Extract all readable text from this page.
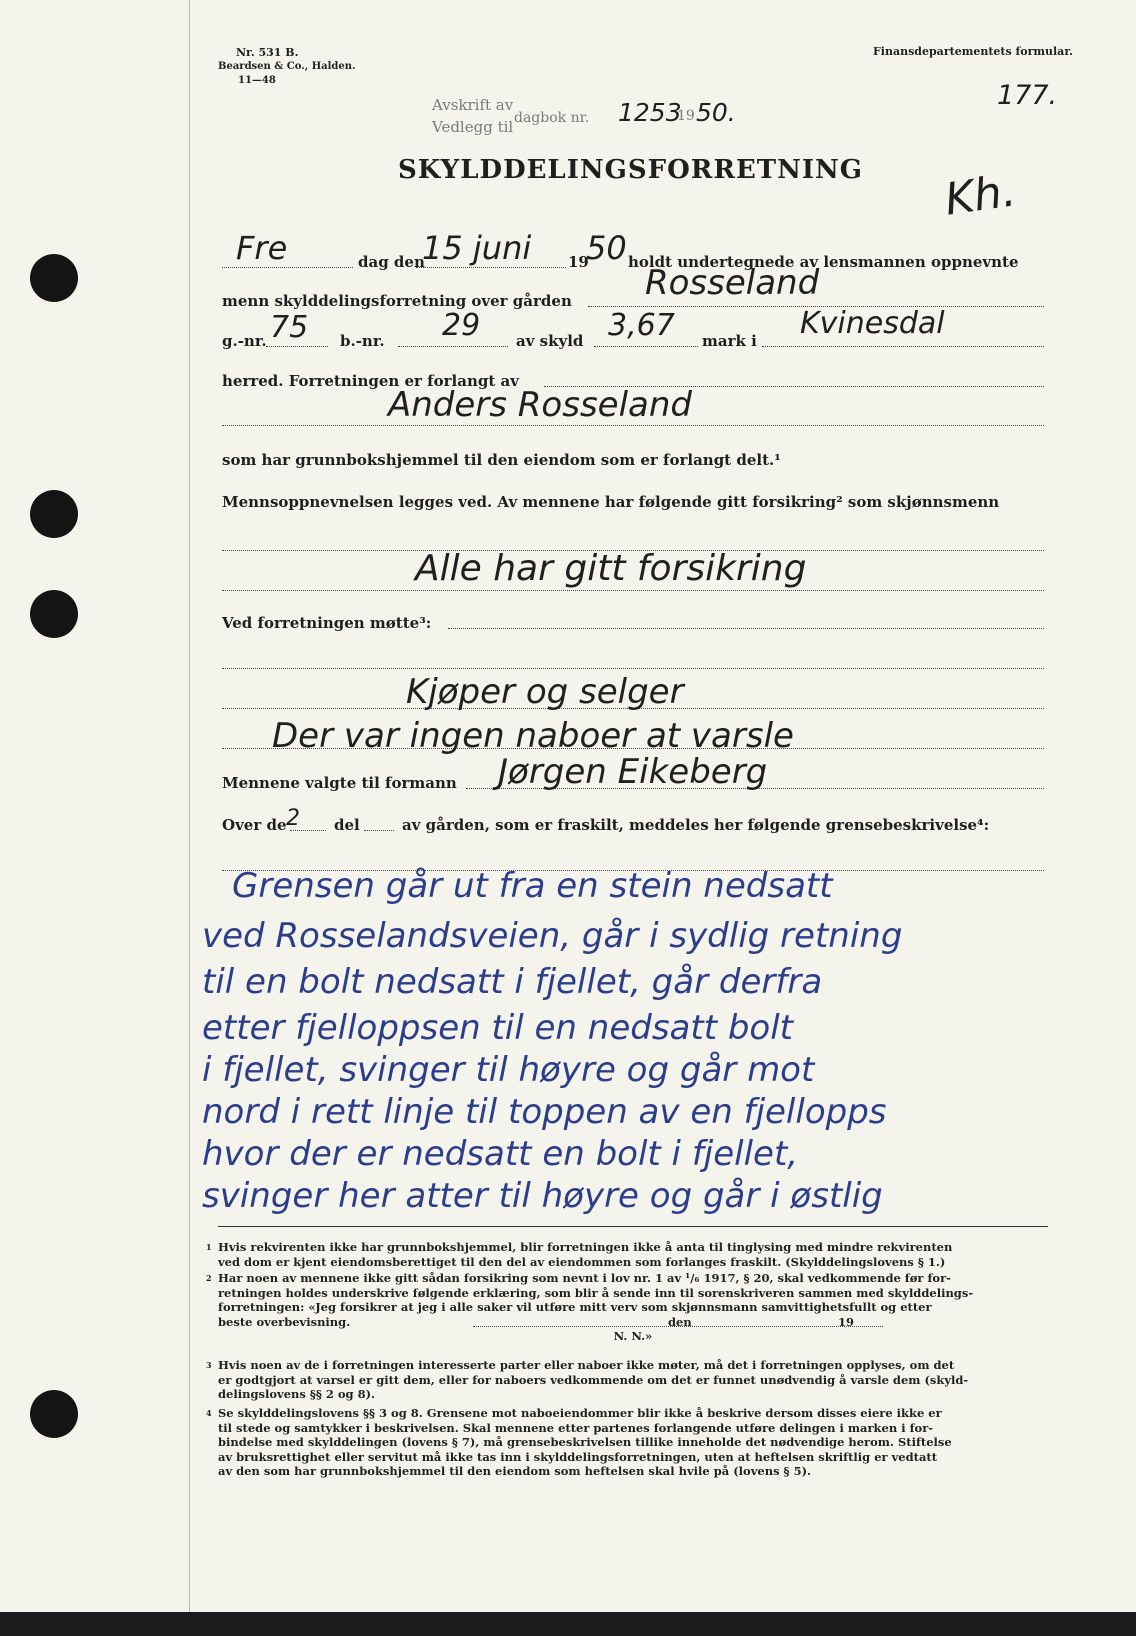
Nr. 531 B.
Beardsen & Co., Halden.
11—48
Finansdepartementets formular.
Avskrift av
Vedlegg til dagbok nr. 1253
19 50.
177.
Kh.
SKYLDDELINGSFORRETNING
Fre	dag den
15 juni 19
50 holdt undertegnede av lensmannen oppnevnte
menn skylddelingsforretning over gården Rosseland
g.-nr. 75 b.-nr. 29 av skyld 3,67 mark i Kvinesdal
herred. Forretningen er forlangt av
Anders Rosseland
som har grunnbokshjemmel til den eiendom som er forlangt delt.¹
Mennsoppnevnelsen legges ved. Av mennene har følgende gitt forsikring² som skjønnsmenn
Alle har gitt forsikring
Ved forretningen møtte³:
Kjøper og selger
Der var ingen naboer at varsle
Mennene valgte til formann Jørgen Eikeberg
Over de 2 del	av gården, som er fraskilt, meddeles her følgende grensebeskrivelse⁴:
Grensen går ut fra en stein nedsatt
ved Rosselandsveien, går i sydlig retning
til en bolt nedsatt i fjellet, går derfra
etter fjelloppsen til en nedsatt bolt
i fjellet, svinger til høyre og går mot
nord i rett linje til toppen av en fjellopps
hvor der er nedsatt en bolt i fjellet,
svinger her atter til høyre og går i østlig
1 Hvis rekvirenten ikke har grunnbokshjemmel, blir forretningen ikke å anta til tinglysing med mindre rekvirenten
ved dom er kjent eiendomsberettiget til den del av eiendommen som forlanges fraskilt. (Skylddelingslovens § 1.)
2 Har noen av mennene ikke gitt sådan forsikring som nevnt i lov nr. 1 av ¹/₆ 1917, § 20, skal vedkommende før for-
retningen holdes underskrive følgende erklæring, som blir å sende inn til sorenskriveren sammen med skylddelings-
forretningen: «Jeg forsikrer at jeg i alle saker vil utføre mitt verv som skjønnsmann samvittighetsfullt og etter
beste overbevisning.	den	19
N. N.»
3 Hvis noen av de i forretningen interesserte parter eller naboer ikke møter, må det i forretningen opplyses, om det
er godtgjort at varsel er gitt dem, eller for naboers vedkommende om det er funnet unødvendig å varsle dem (skyld-
delingslovens §§ 2 og 8).
4 Se skylddelingslovens §§ 3 og 8. Grensene mot naboeiendommer blir ikke å beskrive dersom disses eiere ikke er
til stede og samtykker i beskrivelsen. Skal mennene etter partenes forlangende utføre delingen i marken i for-
bindelse med skylddelingen (lovens § 7), må grensebeskrivelsen tillike inneholde det nødvendige herom. Stiftelse
av bruksrettighet eller servitut må ikke tas inn i skylddelingsforretningen, uten at heftelsen skriftlig er vedtatt
av den som har grunnbokshjemmel til den eiendom som heftelsen skal hvile på (lovens § 5).
